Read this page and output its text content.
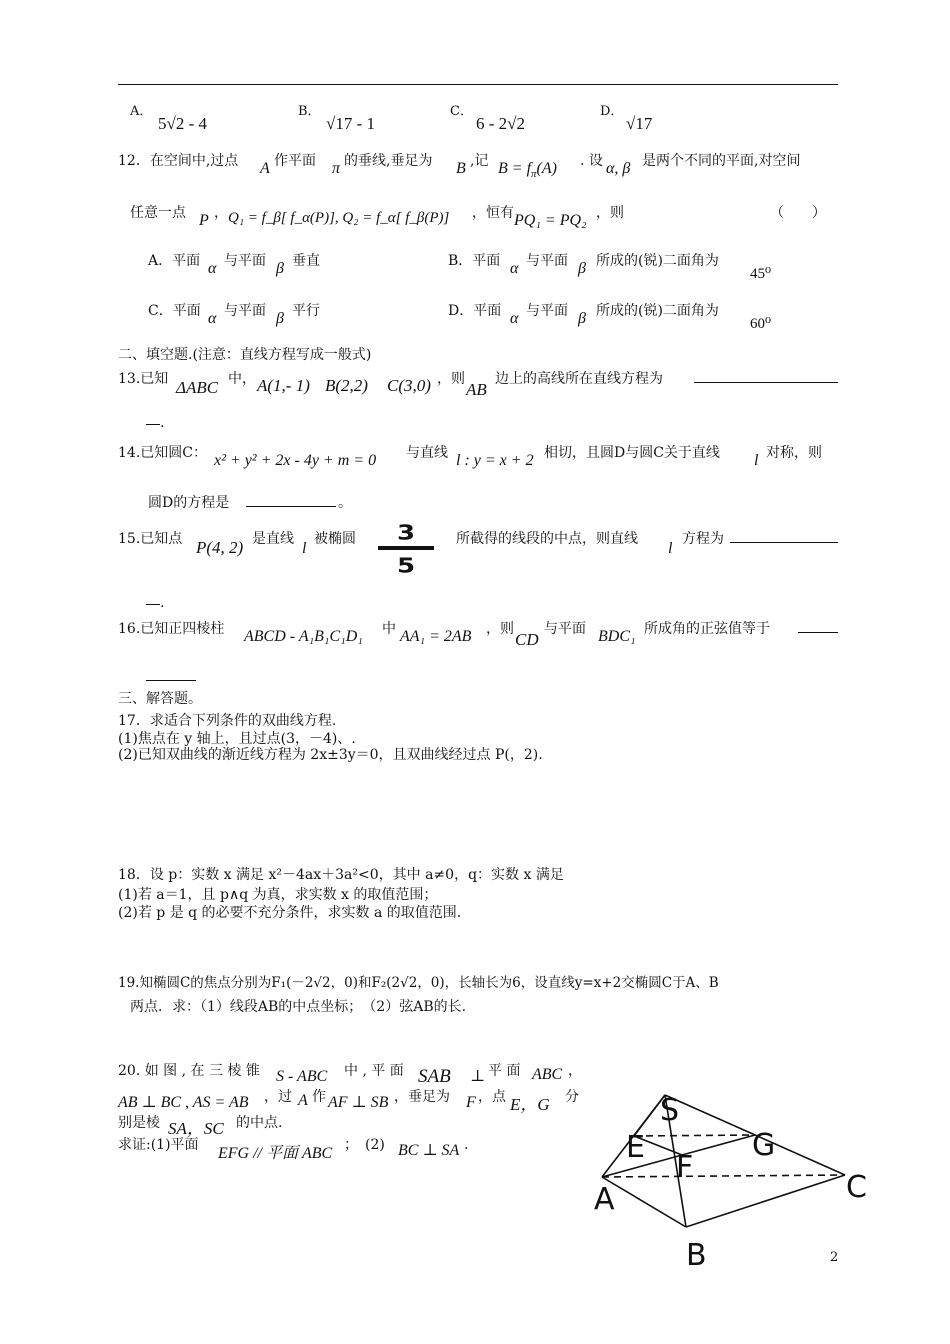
A．
5√2 - 4
B．
√17 - 1
C．
6 - 2√2
D．
√17
12．在空间中,过点 A 作平面 π 的垂线,垂足为 B ,记 $B = f_\pi(A)$ . 设 α, β 是两个不同的平面,对空间
任意一点 P ， Q₁ = f_β[ f_α(P)], Q₂ = f_α[ f_β(P)] ，恒有 PQ₁ = PQ₂ ，则	（　　）
A．平面 α 与平面 β 垂直	B．平面 α 与平面 β 所成的(锐)二面角为
45⁰
C．平面 α 与平面 β 平行	D．平面 α 与平面 β 所成的(锐)二面角为
60⁰
二、填空题.(注意：直线方程写成一般式)
13.已知 ΔABC 中， A(1,- 1) B(2,2) C(3,0) ，则
AB
边上的高线所在直线方程为
.
14.已知圆C： x² + y² + 2x - 4y + m = 0 与直线 l : y = x + 2 相切，且圆D与圆C关于直线 l 对称，则
圆D的方程是	。
15.已知点 P(4, 2) 是直线
l
被椭圆 3
5
所截得的线段的中点，则直线
l
方程为
.
16.已知正四棱柱 ABCD - A₁B₁C₁D₁ 中 AA₁ = 2AB ，则
CD
与平面 BDC₁ 所成角的正弦值等于
三、解答题。
17．求适合下列条件的双曲线方程.
(1)焦点在 y 轴上，且过点(3，－4)、.
(2)已知双曲线的渐近线方程为 2x±3y＝0，且双曲线经过点 P(，2).
18．设 p：实数 x 满足 x²－4ax＋3a²<0，其中 a≠0，q：实数 x 满足
(1)若 a＝1，且 p∧q 为真，求实数 x 的取值范围；
(2)若 p 是 q 的必要不充分条件，求实数 a 的取值范围.
19.知椭圆C的焦点分别为F₁(－2√2，0)和F₂(2√2，0)，长轴长为6，设直线y=x+2交椭圆C于A、B
两点．求：（1）线段AB的中点坐标；　（2）弦AB的长.
20. 如 图 , 在 三 棱 锥 S - ABC 中 , 平 面 SAB ⊥ 平 面 ABC ，
AB ⊥ BC , AS = AB ，过 A 作 AF ⊥ SB ，垂足为 F ，点 E，G 分
别是棱 SA，SC 的中点.
求证:(1)平面 EFG // 平面 ABC ；　(2) BC ⊥ SA .
S
E	G
F
A
B
C
2
